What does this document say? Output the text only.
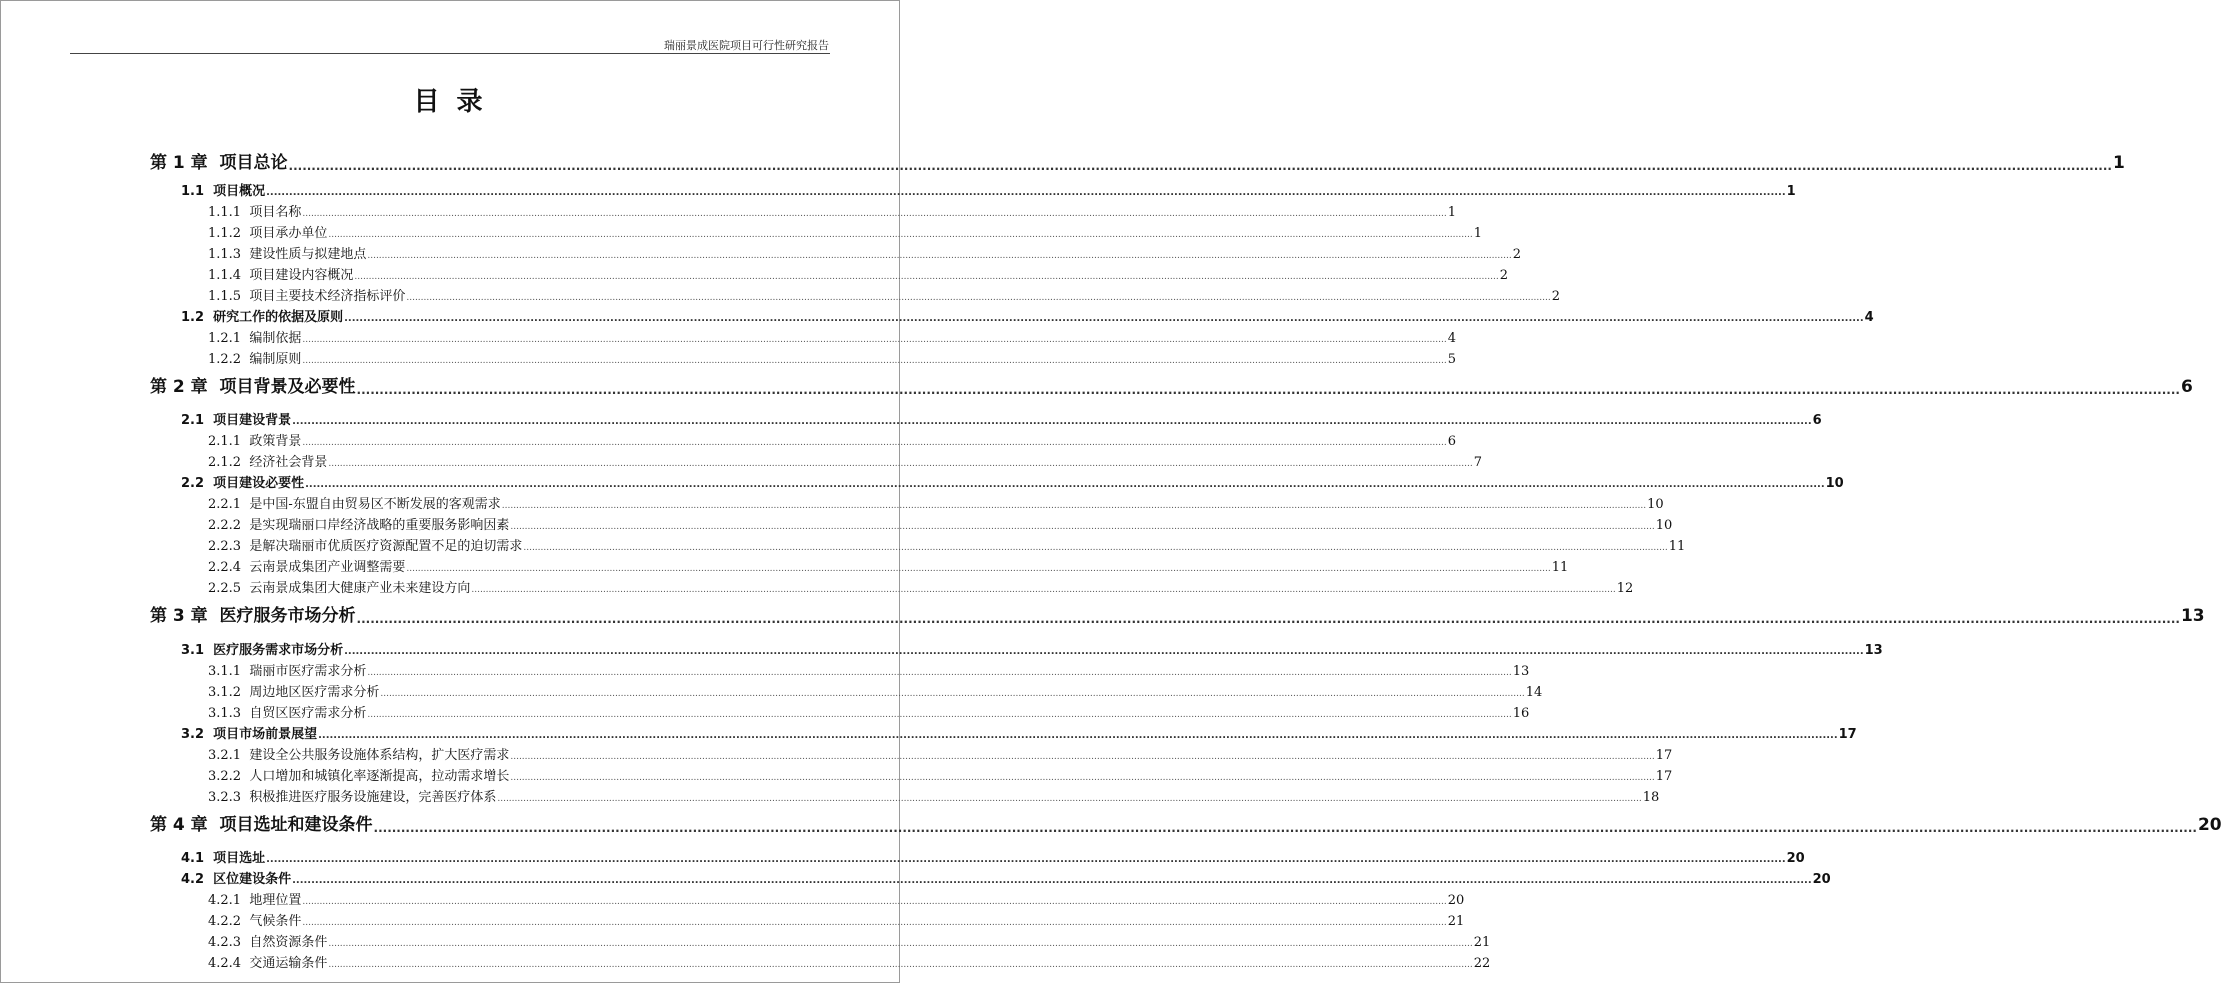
瑞丽景成医院项目可行性研究报告
目 录
第 1 章 项目总论 ................................................................................................................................................................................................................................................................................................................................................................................................................ 1
1.1 项目概况 ................................................................................................................................................................................................................................................................................................................................................................................................................ 1
1.1.1 项目名称 ................................................................................................................................................................................................................................................................................................................................................................................................................ 1
1.1.2 项目承办单位 ................................................................................................................................................................................................................................................................................................................................................................................................................ 1
1.1.3 建设性质与拟建地点 ................................................................................................................................................................................................................................................................................................................................................................................................................ 2
1.1.4 项目建设内容概况 ................................................................................................................................................................................................................................................................................................................................................................................................................ 2
1.1.5 项目主要技术经济指标评价 ................................................................................................................................................................................................................................................................................................................................................................................................................ 2
1.2 研究工作的依据及原则 ................................................................................................................................................................................................................................................................................................................................................................................................................ 4
1.2.1 编制依据 ................................................................................................................................................................................................................................................................................................................................................................................................................ 4
1.2.2 编制原则 ................................................................................................................................................................................................................................................................................................................................................................................................................ 5
第 2 章 项目背景及必要性 ................................................................................................................................................................................................................................................................................................................................................................................................................ 6
2.1 项目建设背景 ................................................................................................................................................................................................................................................................................................................................................................................................................ 6
2.1.1 政策背景 ................................................................................................................................................................................................................................................................................................................................................................................................................ 6
2.1.2 经济社会背景 ................................................................................................................................................................................................................................................................................................................................................................................................................ 7
2.2 项目建设必要性 ................................................................................................................................................................................................................................................................................................................................................................................................................ 10
2.2.1 是中国-东盟自由贸易区不断发展的客观需求 ................................................................................................................................................................................................................................................................................................................................................................................................................ 10
2.2.2 是实现瑞丽口岸经济战略的重要服务影响因素 ................................................................................................................................................................................................................................................................................................................................................................................................................ 10
2.2.3 是解决瑞丽市优质医疗资源配置不足的迫切需求 ................................................................................................................................................................................................................................................................................................................................................................................................................ 11
2.2.4 云南景成集团产业调整需要 ................................................................................................................................................................................................................................................................................................................................................................................................................ 11
2.2.5 云南景成集团大健康产业未来建设方向 ................................................................................................................................................................................................................................................................................................................................................................................................................ 12
第 3 章 医疗服务市场分析 ................................................................................................................................................................................................................................................................................................................................................................................................................ 13
3.1 医疗服务需求市场分析 ................................................................................................................................................................................................................................................................................................................................................................................................................ 13
3.1.1 瑞丽市医疗需求分析 ................................................................................................................................................................................................................................................................................................................................................................................................................ 13
3.1.2 周边地区医疗需求分析 ................................................................................................................................................................................................................................................................................................................................................................................................................ 14
3.1.3 自贸区医疗需求分析 ................................................................................................................................................................................................................................................................................................................................................................................................................ 16
3.2 项目市场前景展望 ................................................................................................................................................................................................................................................................................................................................................................................................................ 17
3.2.1 建设全公共服务设施体系结构，扩大医疗需求 ................................................................................................................................................................................................................................................................................................................................................................................................................ 17
3.2.2 人口增加和城镇化率逐渐提高，拉动需求增长 ................................................................................................................................................................................................................................................................................................................................................................................................................ 17
3.2.3 积极推进医疗服务设施建设，完善医疗体系 ................................................................................................................................................................................................................................................................................................................................................................................................................ 18
第 4 章 项目选址和建设条件 ................................................................................................................................................................................................................................................................................................................................................................................................................ 20
4.1 项目选址 ................................................................................................................................................................................................................................................................................................................................................................................................................ 20
4.2 区位建设条件 ................................................................................................................................................................................................................................................................................................................................................................................................................ 20
4.2.1 地理位置 ................................................................................................................................................................................................................................................................................................................................................................................................................ 20
4.2.2 气候条件 ................................................................................................................................................................................................................................................................................................................................................................................................................ 21
4.2.3 自然资源条件 ................................................................................................................................................................................................................................................................................................................................................................................................................ 21
4.2.4 交通运输条件 ................................................................................................................................................................................................................................................................................................................................................................................................................ 22
